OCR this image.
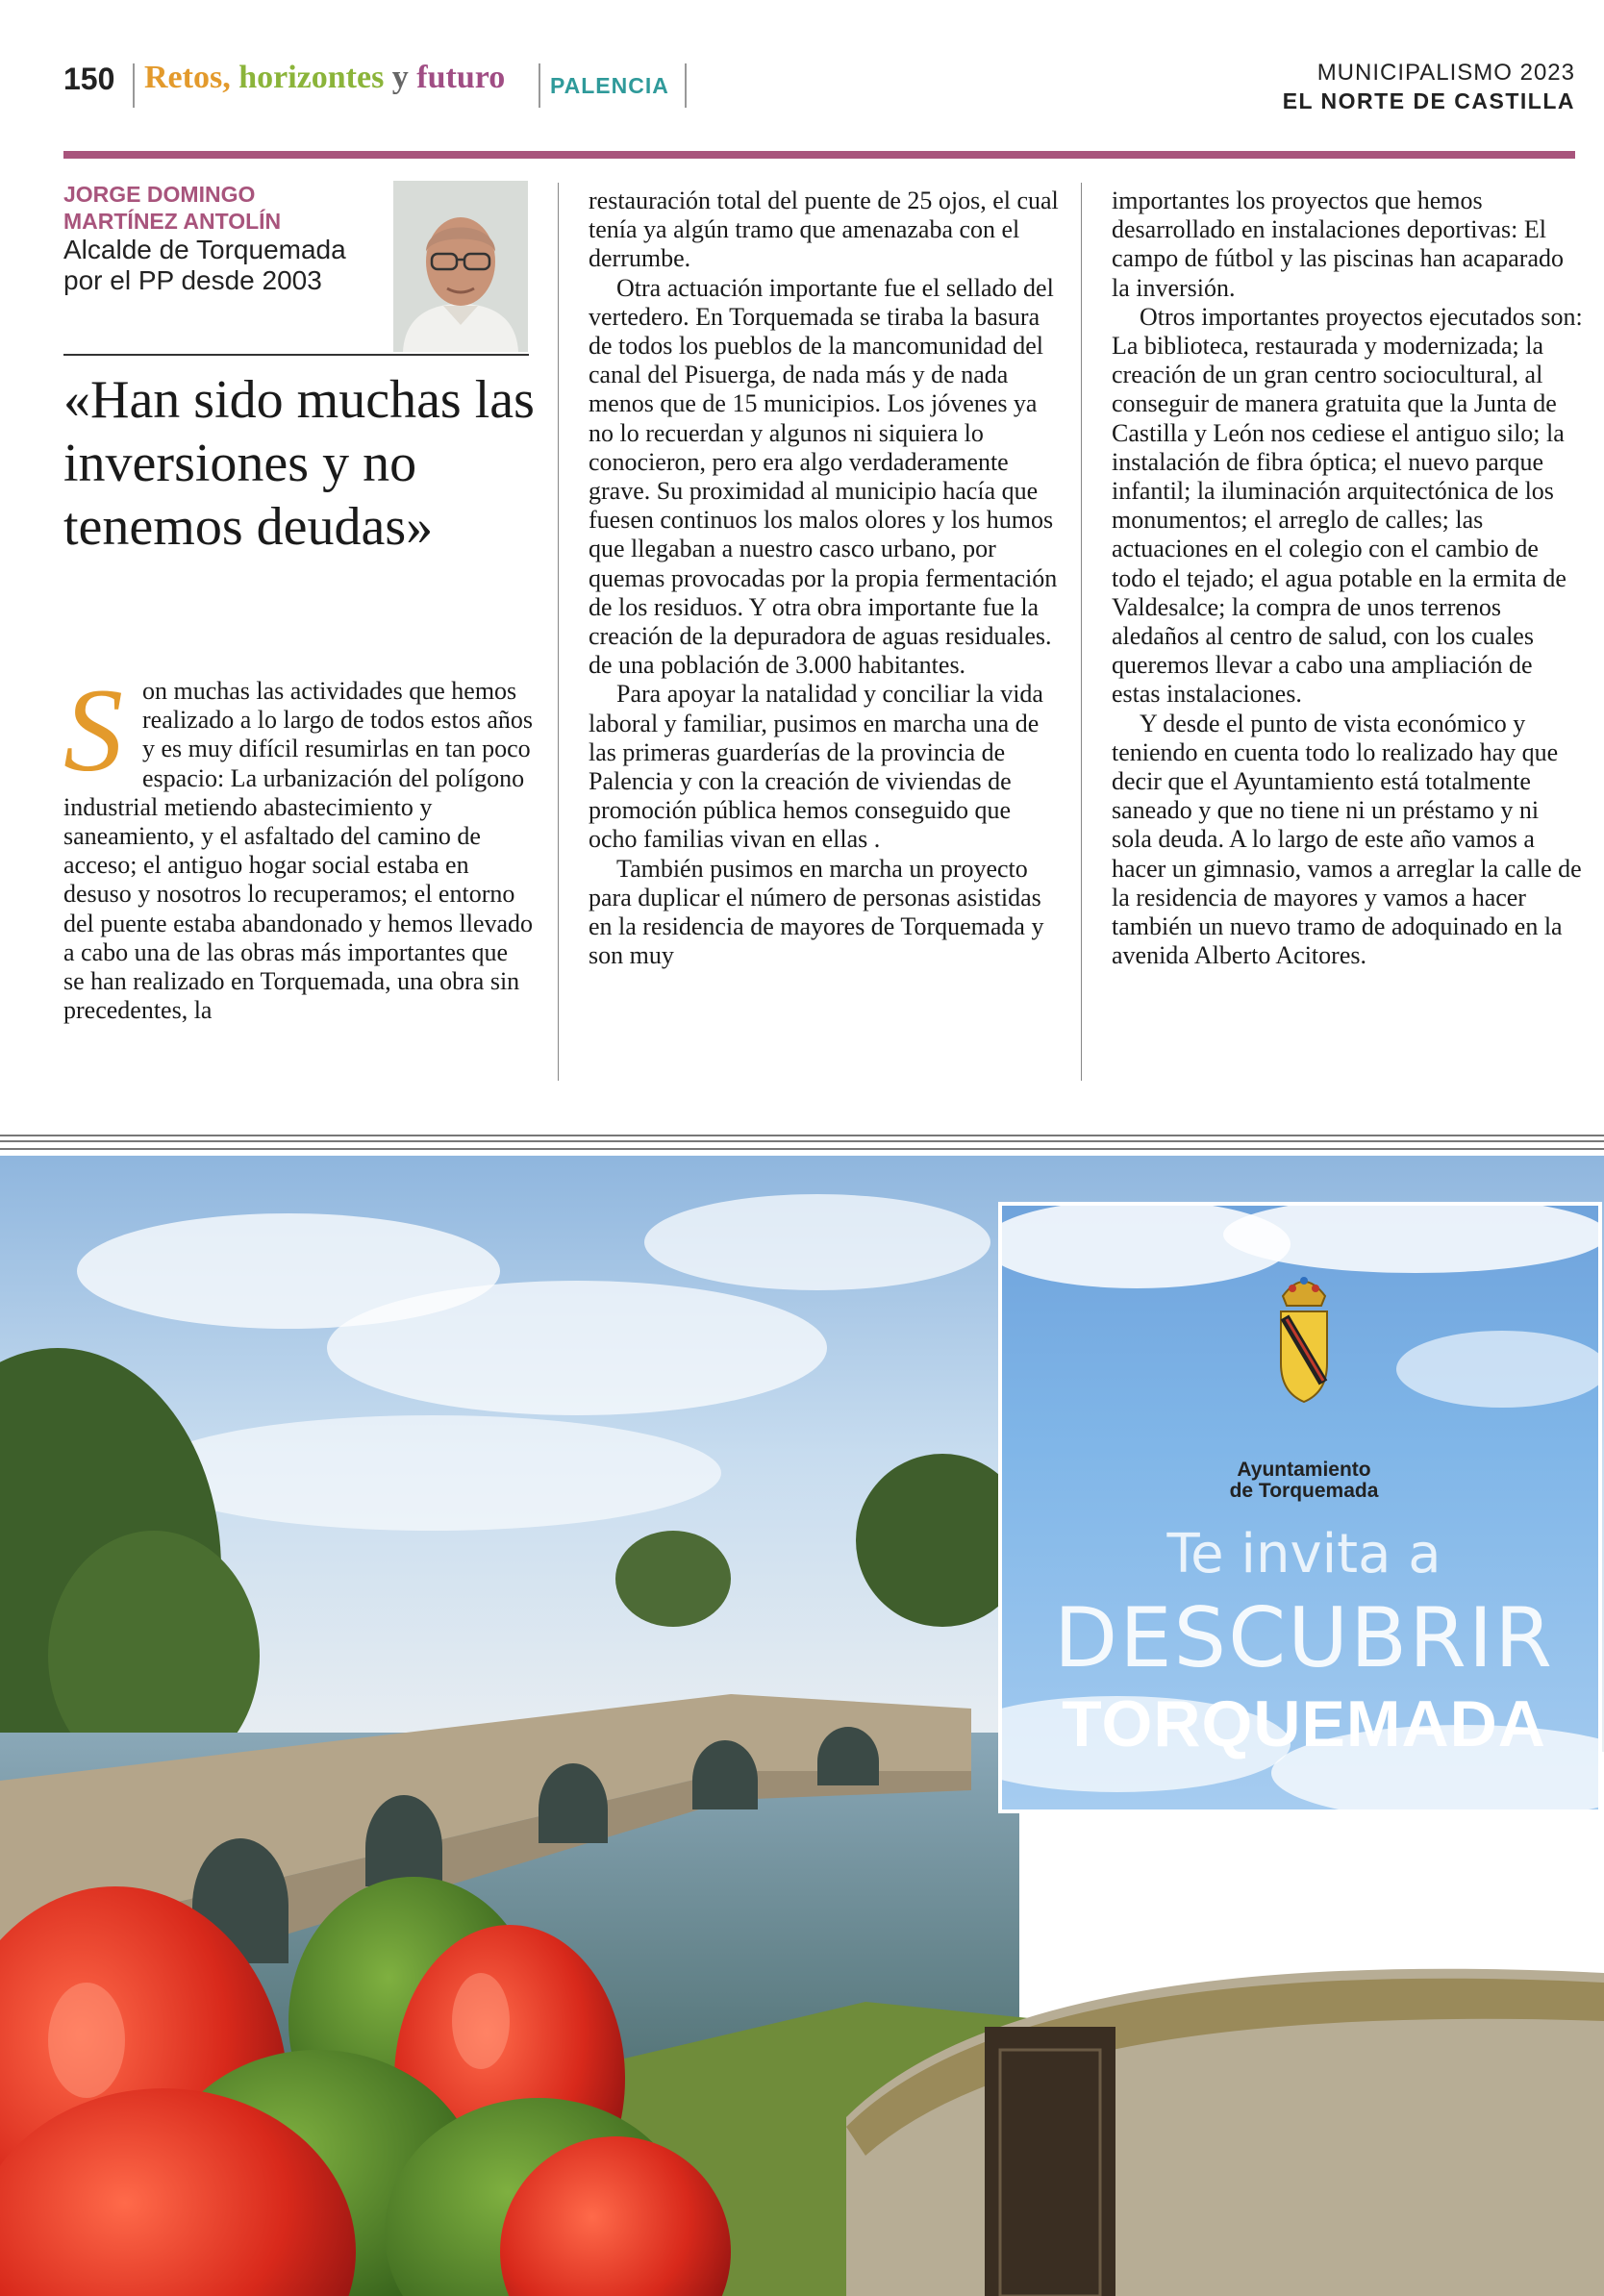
150 Retos, horizontes y futuro PALENCIA	MUNICIPALISMO 2023
EL NORTE DE CASTILLA
JORGE DOMINGO
MARTÍNEZ ANTOLÍN
Alcalde de Torquemada
por el PP desde 2003
«Han sido muchas las inversiones y no tenemos deudas»
S on muchas las actividades que hemos realizado a lo largo de todos estos años y es muy difícil resumirlas en tan poco espacio: La urbanización del polígono industrial metiendo abastecimiento y saneamiento, y el asfaltado del camino de acceso; el antiguo hogar social estaba en desuso y nosotros lo recuperamos; el entorno del puente estaba abandonado y hemos llevado a cabo una de las obras más importantes que se han realizado en Torquemada, una obra sin precedentes, la

restauración total del puente de 25 ojos, el cual tenía ya algún tramo que amenazaba con el derrumbe.

Otra actuación importante fue el sellado del vertedero. En Torquemada se tiraba la basura de todos los pueblos de la mancomunidad del canal del Pisuerga, de nada más y de nada menos que de 15 municipios. Los jóvenes ya no lo recuerdan y algunos ni siquiera lo conocieron, pero era algo verdaderamente grave. Su proximidad al municipio hacía que fuesen continuos los malos olores y los humos que llegaban a nuestro casco urbano, por quemas provocadas por la propia fermentación de los residuos. Y otra obra importante fue la creación de la depuradora de aguas residuales. de una población de 3.000 habitantes.

Para apoyar la natalidad y conciliar la vida laboral y familiar, pusimos en marcha una de las primeras guarderías de la provincia de Palencia y con la creación de viviendas de promoción pública hemos conseguido que ocho familias vivan en ellas .

También pusimos en marcha un proyecto para duplicar el número de personas asistidas en la residencia de mayores de Torquemada y son muy

importantes los proyectos que hemos desarrollado en instalaciones deportivas: El campo de fútbol y las piscinas han acaparado la inversión.

Otros importantes proyectos ejecutados son: La biblioteca, restaurada y modernizada; la creación de un gran centro sociocultural, al conseguir de manera gratuita que la Junta de Castilla y León nos cediese el antiguo silo; la instalación de fibra óptica; el nuevo parque infantil; la iluminación arquitectónica de los monumentos; el arreglo de calles; las actuaciones en el colegio con el cambio de todo el tejado; el agua potable en la ermita de Valdesalce; la compra de unos terrenos aledaños al centro de salud, con los cuales queremos llevar a cabo una ampliación de estas instalaciones.

Y desde el punto de vista económico y teniendo en cuenta todo lo realizado hay que decir que el Ayuntamiento está totalmente saneado y que no tiene ni un préstamo y ni sola deuda. A lo largo de este año vamos a hacer un gimnasio, vamos a arreglar la calle de la residencia de mayores y vamos a hacer también un nuevo tramo de adoquinado en la avenida Alberto Acitores.

Ayuntamiento
de Torquemada
Te invita a
DESCUBRIR
TORQUEMADA
